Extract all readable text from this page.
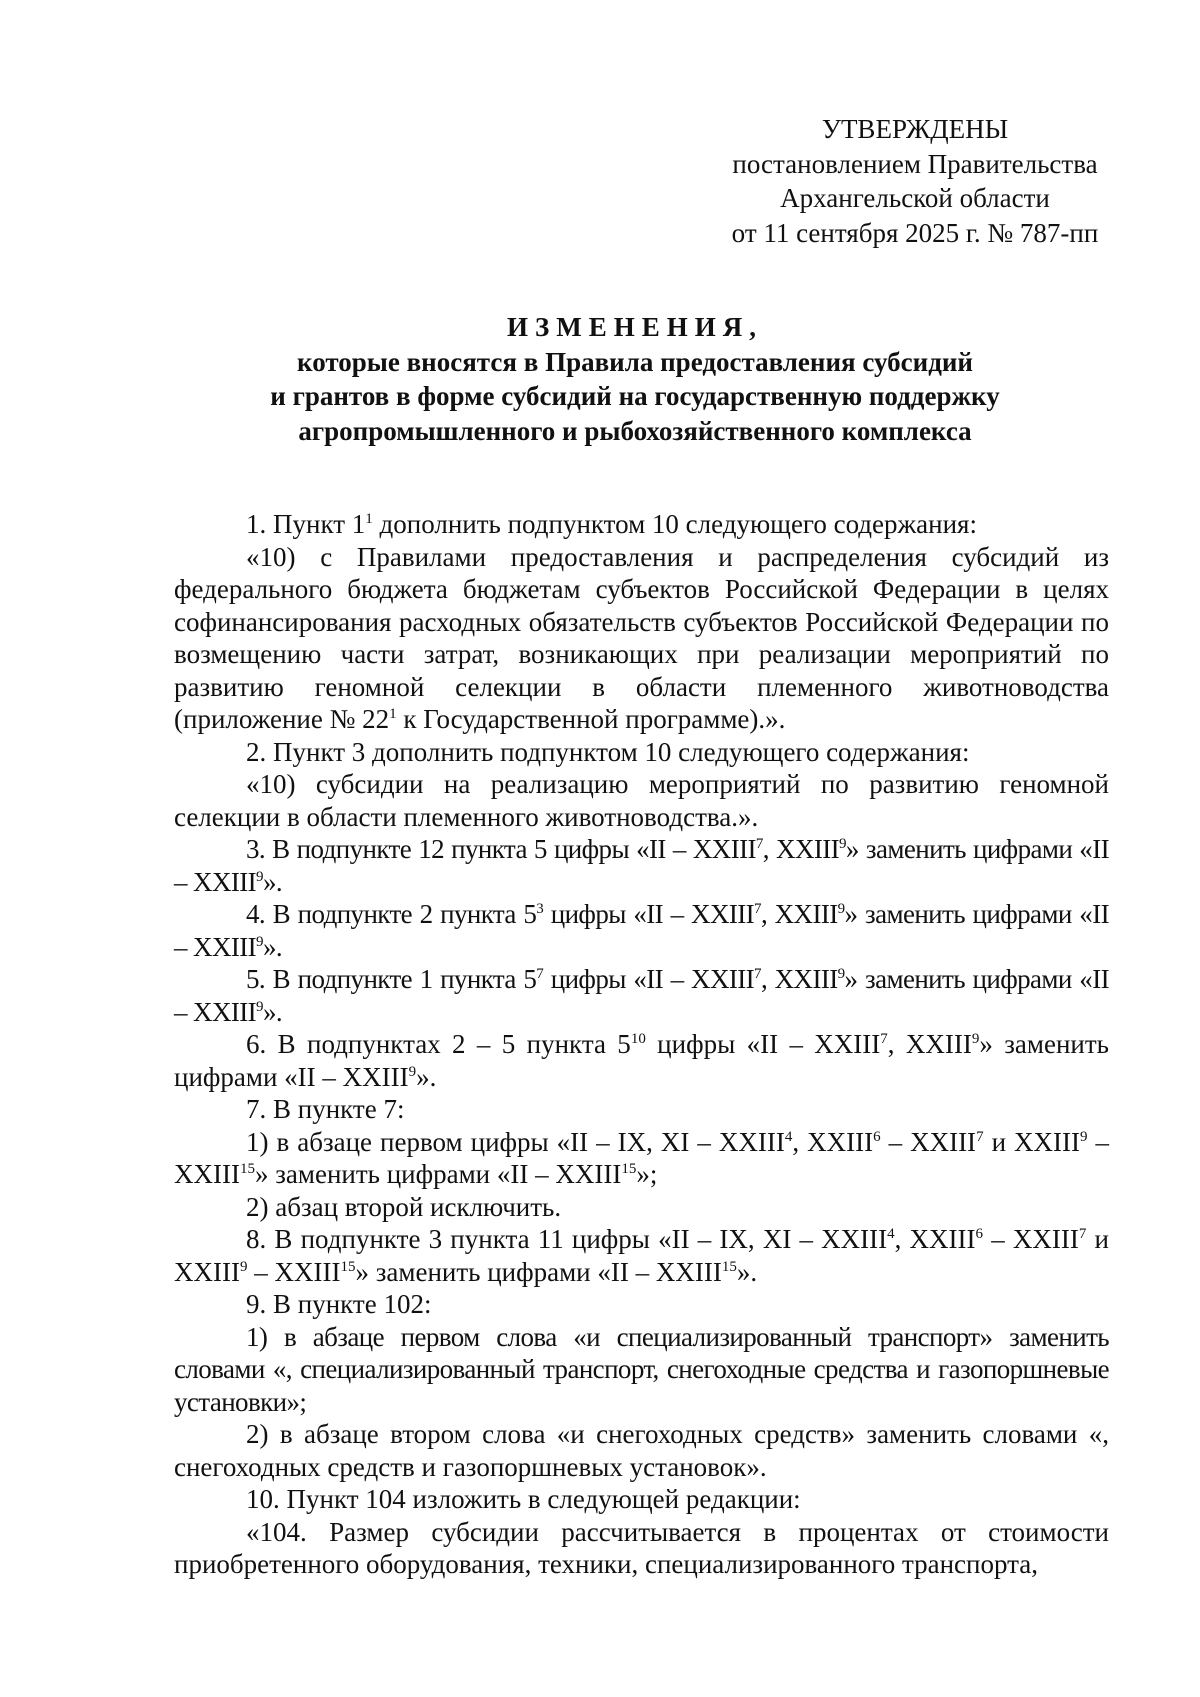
УТВЕРЖДЕНЫ
постановлением Правительства
Архангельской области
от 11 сентября 2025 г. № 787-пп
ИЗМЕНЕНИЯ,
которые вносятся в Правила предоставления субсидий
и грантов в форме субсидий на государственную поддержку
агропромышленного и рыбохозяйственного комплекса

1. Пункт $1^1$ дополнить подпунктом 10 следующего содержания:

«10) с Правилами предоставления и распределения субсидий из федерального бюджета бюджетам субъектов Российской Федерации в целях софинансирования расходных обязательств субъектов Российской Федерации по возмещению части затрат, возникающих при реализации мероприятий по развитию геномной селекции в области племенного животноводства (приложение № $22^1$ к Государственной программе).».

2. Пункт 3 дополнить подпунктом 10 следующего содержания:

«10) субсидии на реализацию мероприятий по развитию геномной селекции в области племенного животноводства.».

3. В подпункте 12 пункта 5 цифры «II – XXIII$^7$, XXIII$^9$» заменить цифрами «II – XXIII$^9$».

4. В подпункте 2 пункта $5^3$ цифры «II – XXIII$^7$, XXIII$^9$» заменить цифрами «II – XXIII$^9$».

5. В подпункте 1 пункта $5^7$ цифры «II – XXIII$^7$, XXIII$^9$» заменить цифрами «II – XXIII$^9$».

6. В подпунктах 2 – 5 пункта $5^{10}$ цифры «II – XXIII$^7$, XXIII$^9$» заменить цифрами «II – XXIII$^9$».

7. В пункте 7:

1) в абзаце первом цифры «II – IX, XI – XXIII$^4$, XXIII$^6$ – XXIII$^7$ и XXIII$^9$ – XXIII$^{15}$» заменить цифрами «II – XXIII$^{15}$»;

2) абзац второй исключить.

8. В подпункте 3 пункта 11 цифры «II – IX, XI – XXIII$^4$, XXIII$^6$ – XXIII$^7$ и XXIII$^9$ – XXIII$^{15}$» заменить цифрами «II – XXIII$^{15}$».

9. В пункте 102:

1) в абзаце первом слова «и специализированный транспорт» заменить словами «, специализированный транспорт, снегоходные средства и газопоршневые установки»;

2) в абзаце втором слова «и снегоходных средств» заменить словами «, снегоходных средств и газопоршневых установок».

10. Пункт 104 изложить в следующей редакции:

«104. Размер субсидии рассчитывается в процентах от стоимости приобретенного оборудования, техники, специализированного транспорта,
